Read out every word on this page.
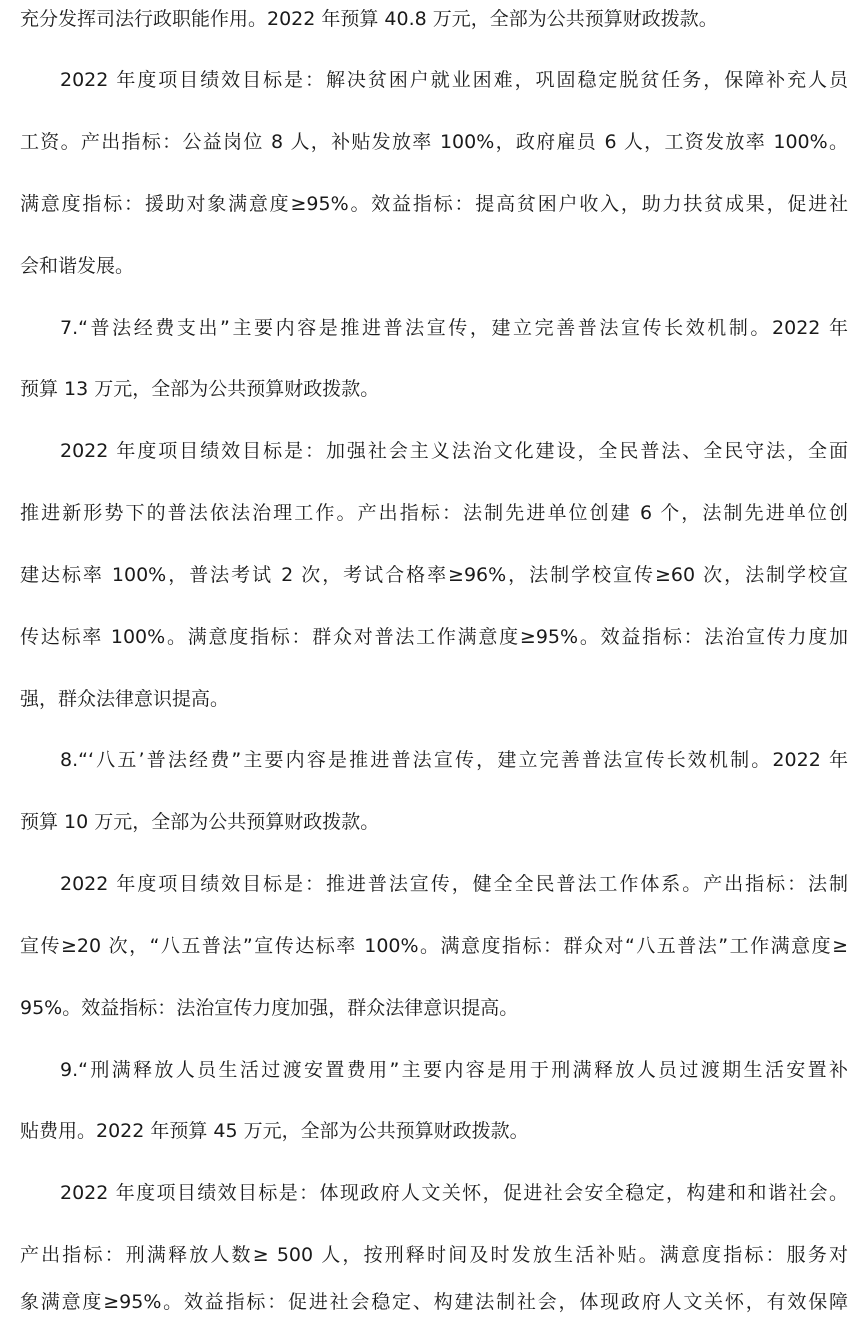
充分发挥司法行政职能作用。2022 年预算 40.8 万元，全部为公共预算财政拨款。
2022 年度项目绩效目标是：解决贫困户就业困难，巩固稳定脱贫任务，保障补充人员
工资。产出指标：公益岗位 8 人，补贴发放率 100%，政府雇员 6 人，工资发放率 100%。
满意度指标：援助对象满意度≥95%。效益指标：提高贫困户收入，助力扶贫成果，促进社
会和谐发展。
7.“普法经费支出”主要内容是推进普法宣传，建立完善普法宣传长效机制。2022 年
预算 13 万元，全部为公共预算财政拨款。
2022 年度项目绩效目标是：加强社会主义法治文化建设，全民普法、全民守法，全面
推进新形势下的普法依法治理工作。产出指标：法制先进单位创建 6 个，法制先进单位创
建达标率 100%，普法考试 2 次，考试合格率≥96%，法制学校宣传≥60 次，法制学校宣
传达标率 100%。满意度指标：群众对普法工作满意度≥95%。效益指标：法治宣传力度加
强，群众法律意识提高。
8.“‘八五’普法经费”主要内容是推进普法宣传，建立完善普法宣传长效机制。2022 年
预算 10 万元，全部为公共预算财政拨款。
2022 年度项目绩效目标是：推进普法宣传，健全全民普法工作体系。产出指标：法制
宣传≥20 次，“八五普法”宣传达标率 100%。满意度指标：群众对“八五普法”工作满意度≥
95%。效益指标：法治宣传力度加强，群众法律意识提高。
9.“刑满释放人员生活过渡安置费用”主要内容是用于刑满释放人员过渡期生活安置补
贴费用。2022 年预算 45 万元，全部为公共预算财政拨款。
2022 年度项目绩效目标是：体现政府人文关怀，促进社会安全稳定，构建和和谐社会。
产出指标：刑满释放人数≥ 500 人，按刑释时间及时发放生活补贴。满意度指标：服务对
象满意度≥95%。效益指标：促进社会稳定、构建法制社会，体现政府人文关怀，有效保障
